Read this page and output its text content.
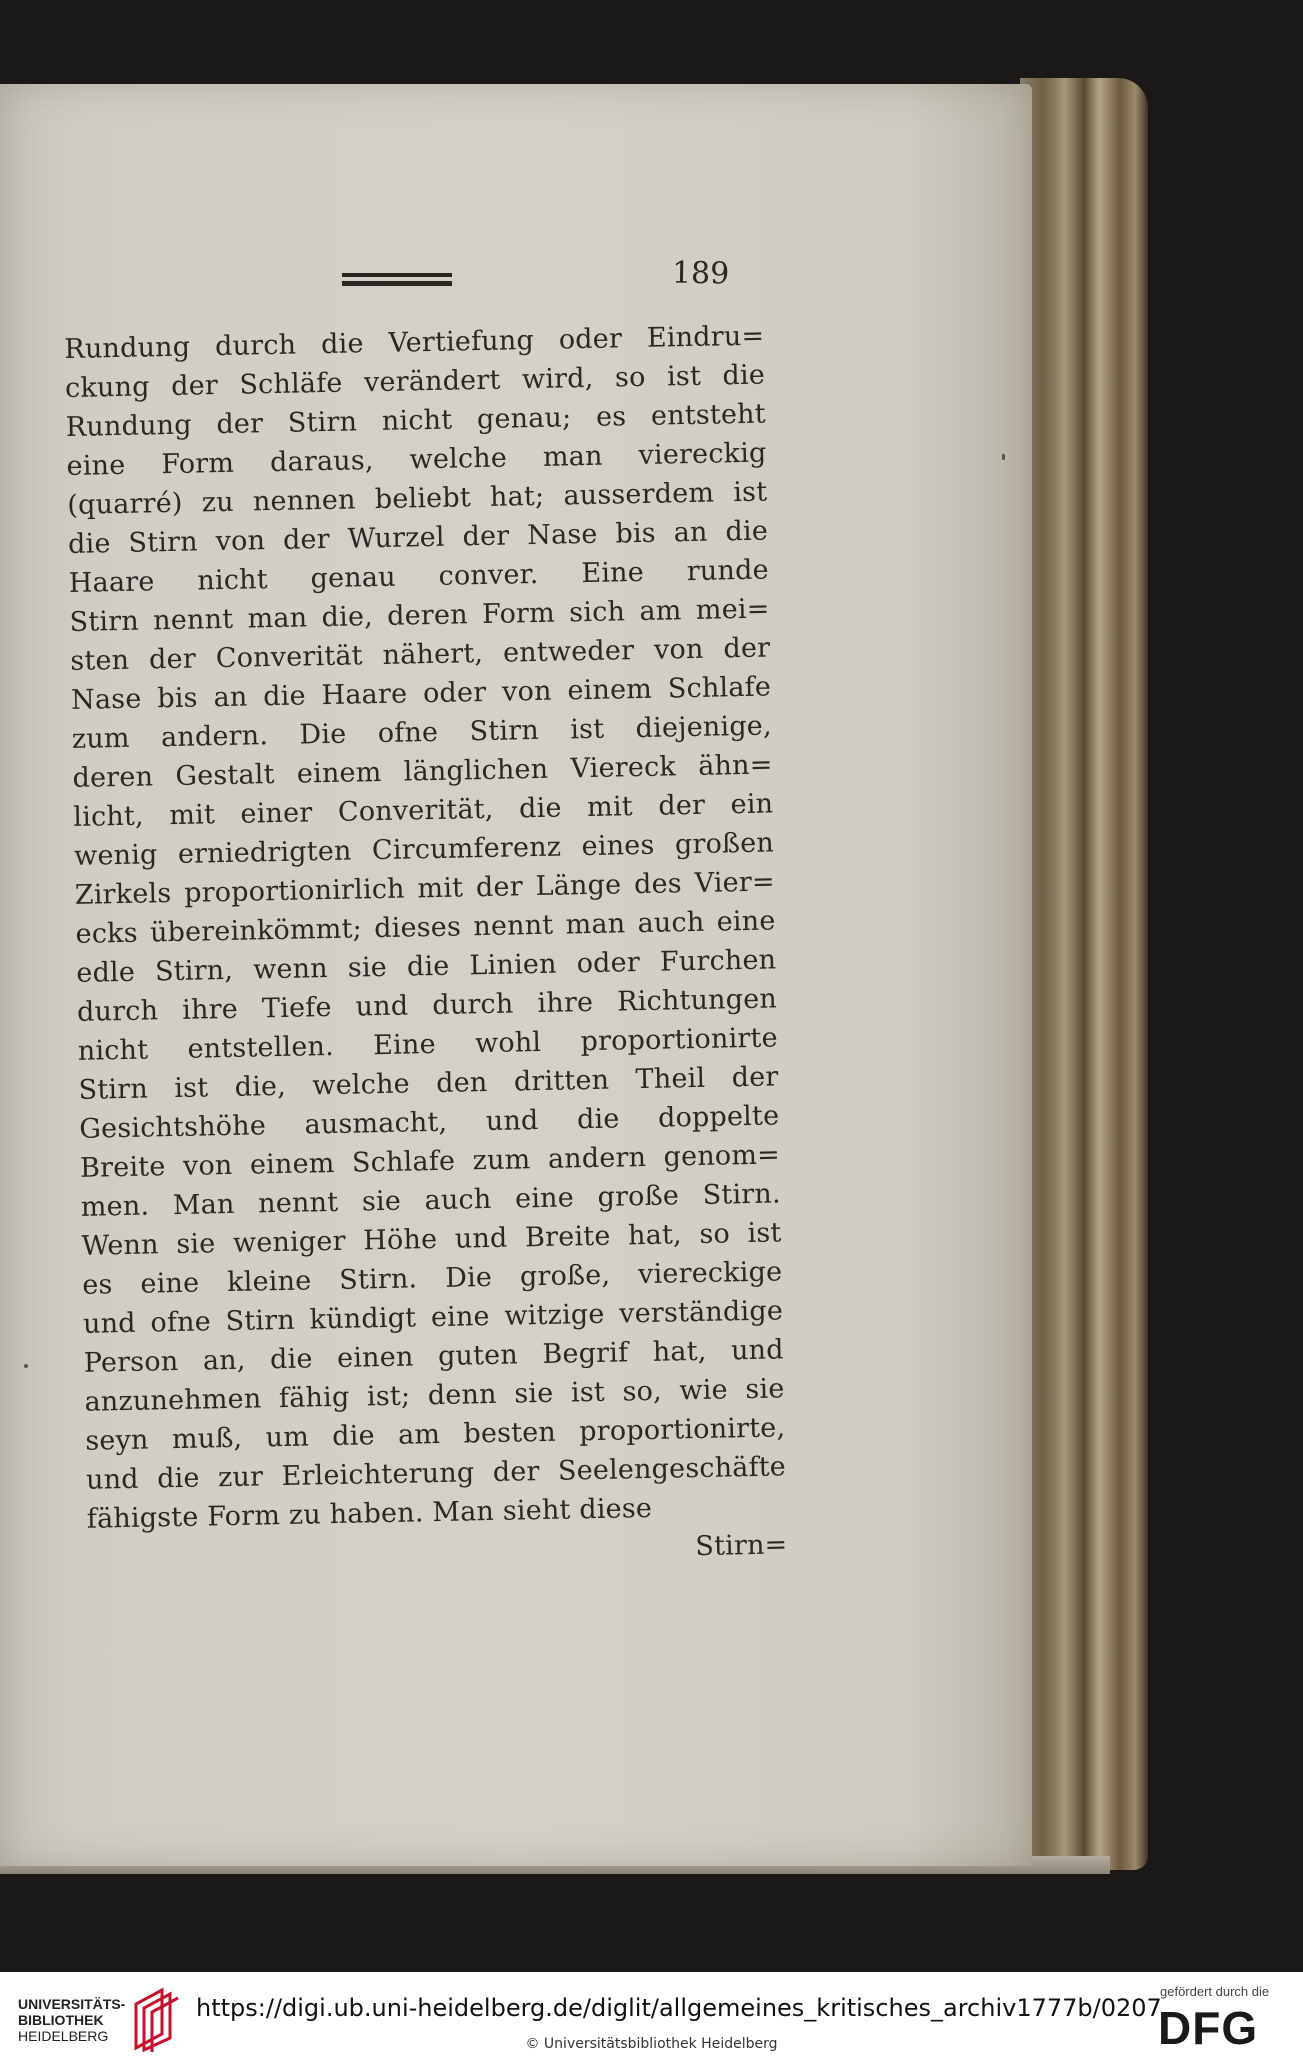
189
Rundung durch die Vertiefung oder Eindru=
ckung der Schläfe verändert wird, so ist die
Rundung der Stirn nicht genau; es entsteht
eine Form daraus, welche man viereckig
(quarré) zu nennen beliebt hat; ausserdem ist
die Stirn von der Wurzel der Nase bis an die
Haare nicht genau conver. Eine runde
Stirn nennt man die, deren Form sich am mei=
sten der Converität nähert, entweder von der
Nase bis an die Haare oder von einem Schlafe
zum andern. Die ofne Stirn ist diejenige,
deren Gestalt einem länglichen Viereck ähn=
licht, mit einer Converität, die mit der ein
wenig erniedrigten Circumferenz eines großen
Zirkels proportionirlich mit der Länge des Vier=
ecks übereinkömmt; dieses nennt man auch eine
edle Stirn, wenn sie die Linien oder Furchen
durch ihre Tiefe und durch ihre Richtungen
nicht entstellen. Eine wohl proportionirte
Stirn ist die, welche den dritten Theil der
Gesichtshöhe ausmacht, und die doppelte
Breite von einem Schlafe zum andern genom=
men. Man nennt sie auch eine große Stirn.
Wenn sie weniger Höhe und Breite hat, so ist
es eine kleine Stirn. Die große, viereckige
und ofne Stirn kündigt eine witzige verständige
Person an, die einen guten Begrif hat, und
anzunehmen fähig ist; denn sie ist so, wie sie
seyn muß, um die am besten proportionirte,
und die zur Erleichterung der Seelengeschäfte
fähigste Form zu haben. Man sieht diese
Stirn=
UNIVERSITÄTS-
BIBLIOTHEK
HEIDELBERG
https://digi.ub.uni-heidelberg.de/diglit/allgemeines_kritisches_archiv1777b/0207
© Universitätsbibliothek Heidelberg
gefördert durch die
DFG
